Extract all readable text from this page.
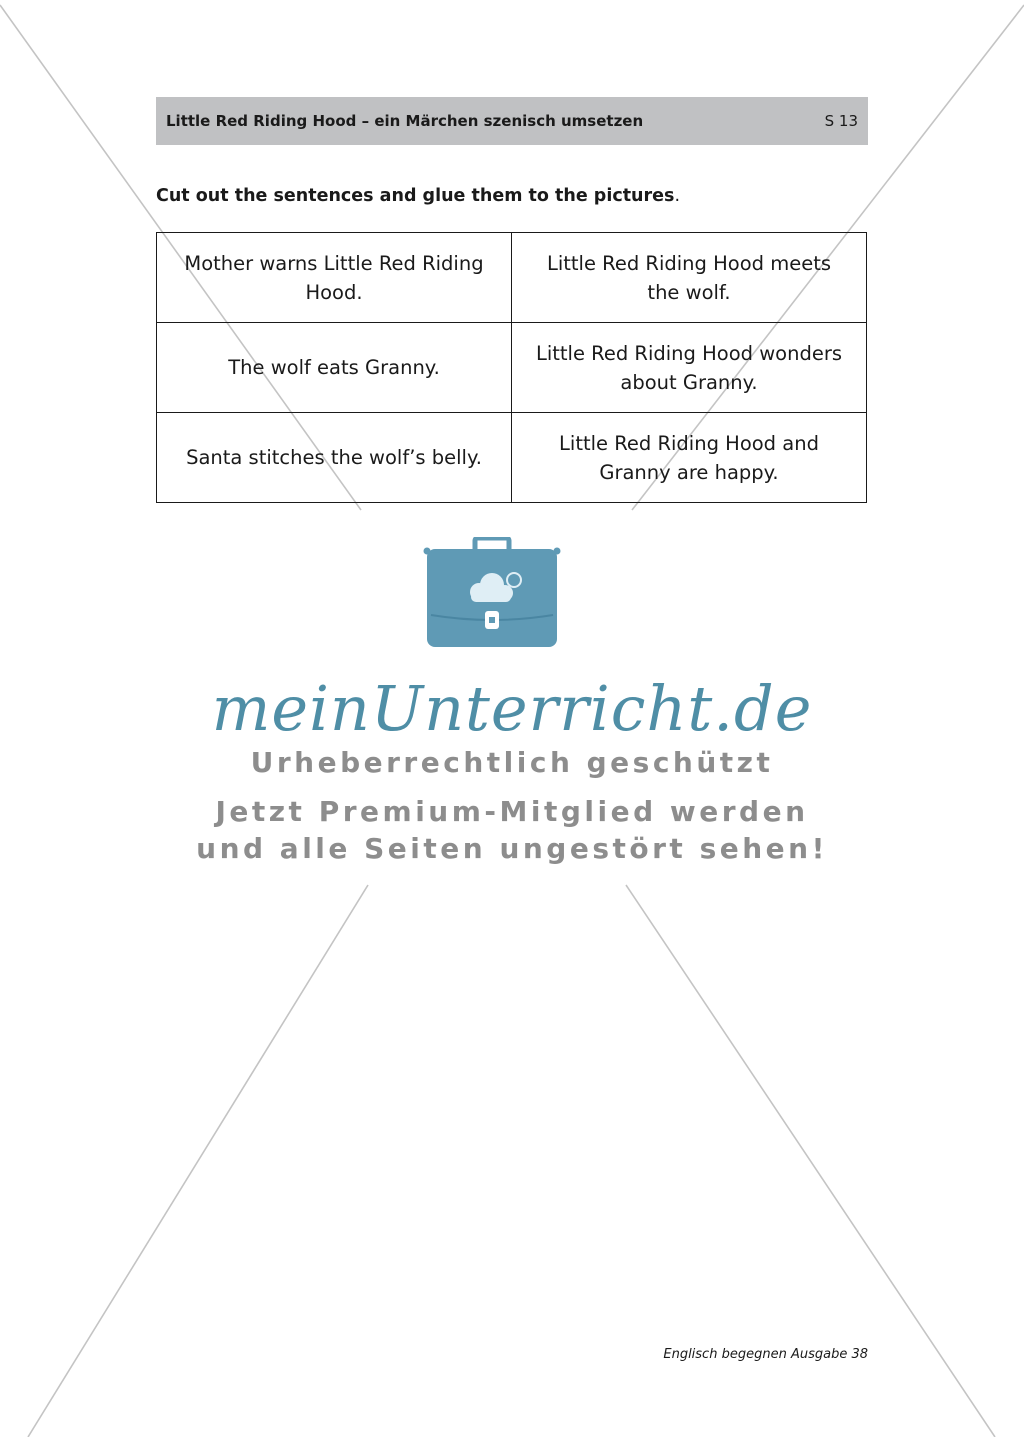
Little Red Riding Hood – ein Märchen szenisch umsetzen	S 13
Cut out the sentences and glue them to the pictures.
Mother warns Little Red Riding Hood.	Little Red Riding Hood meets the wolf.
The wolf eats Granny.	Little Red Riding Hood wonders about Granny.
Santa stitches the wolf’s belly.	Little Red Riding Hood and Granny are happy.
meinUnterricht.de
Urheberrechtlich geschützt
Jetzt Premium-Mitglied werden
und alle Seiten ungestört sehen!
Englisch begegnen Ausgabe 38
